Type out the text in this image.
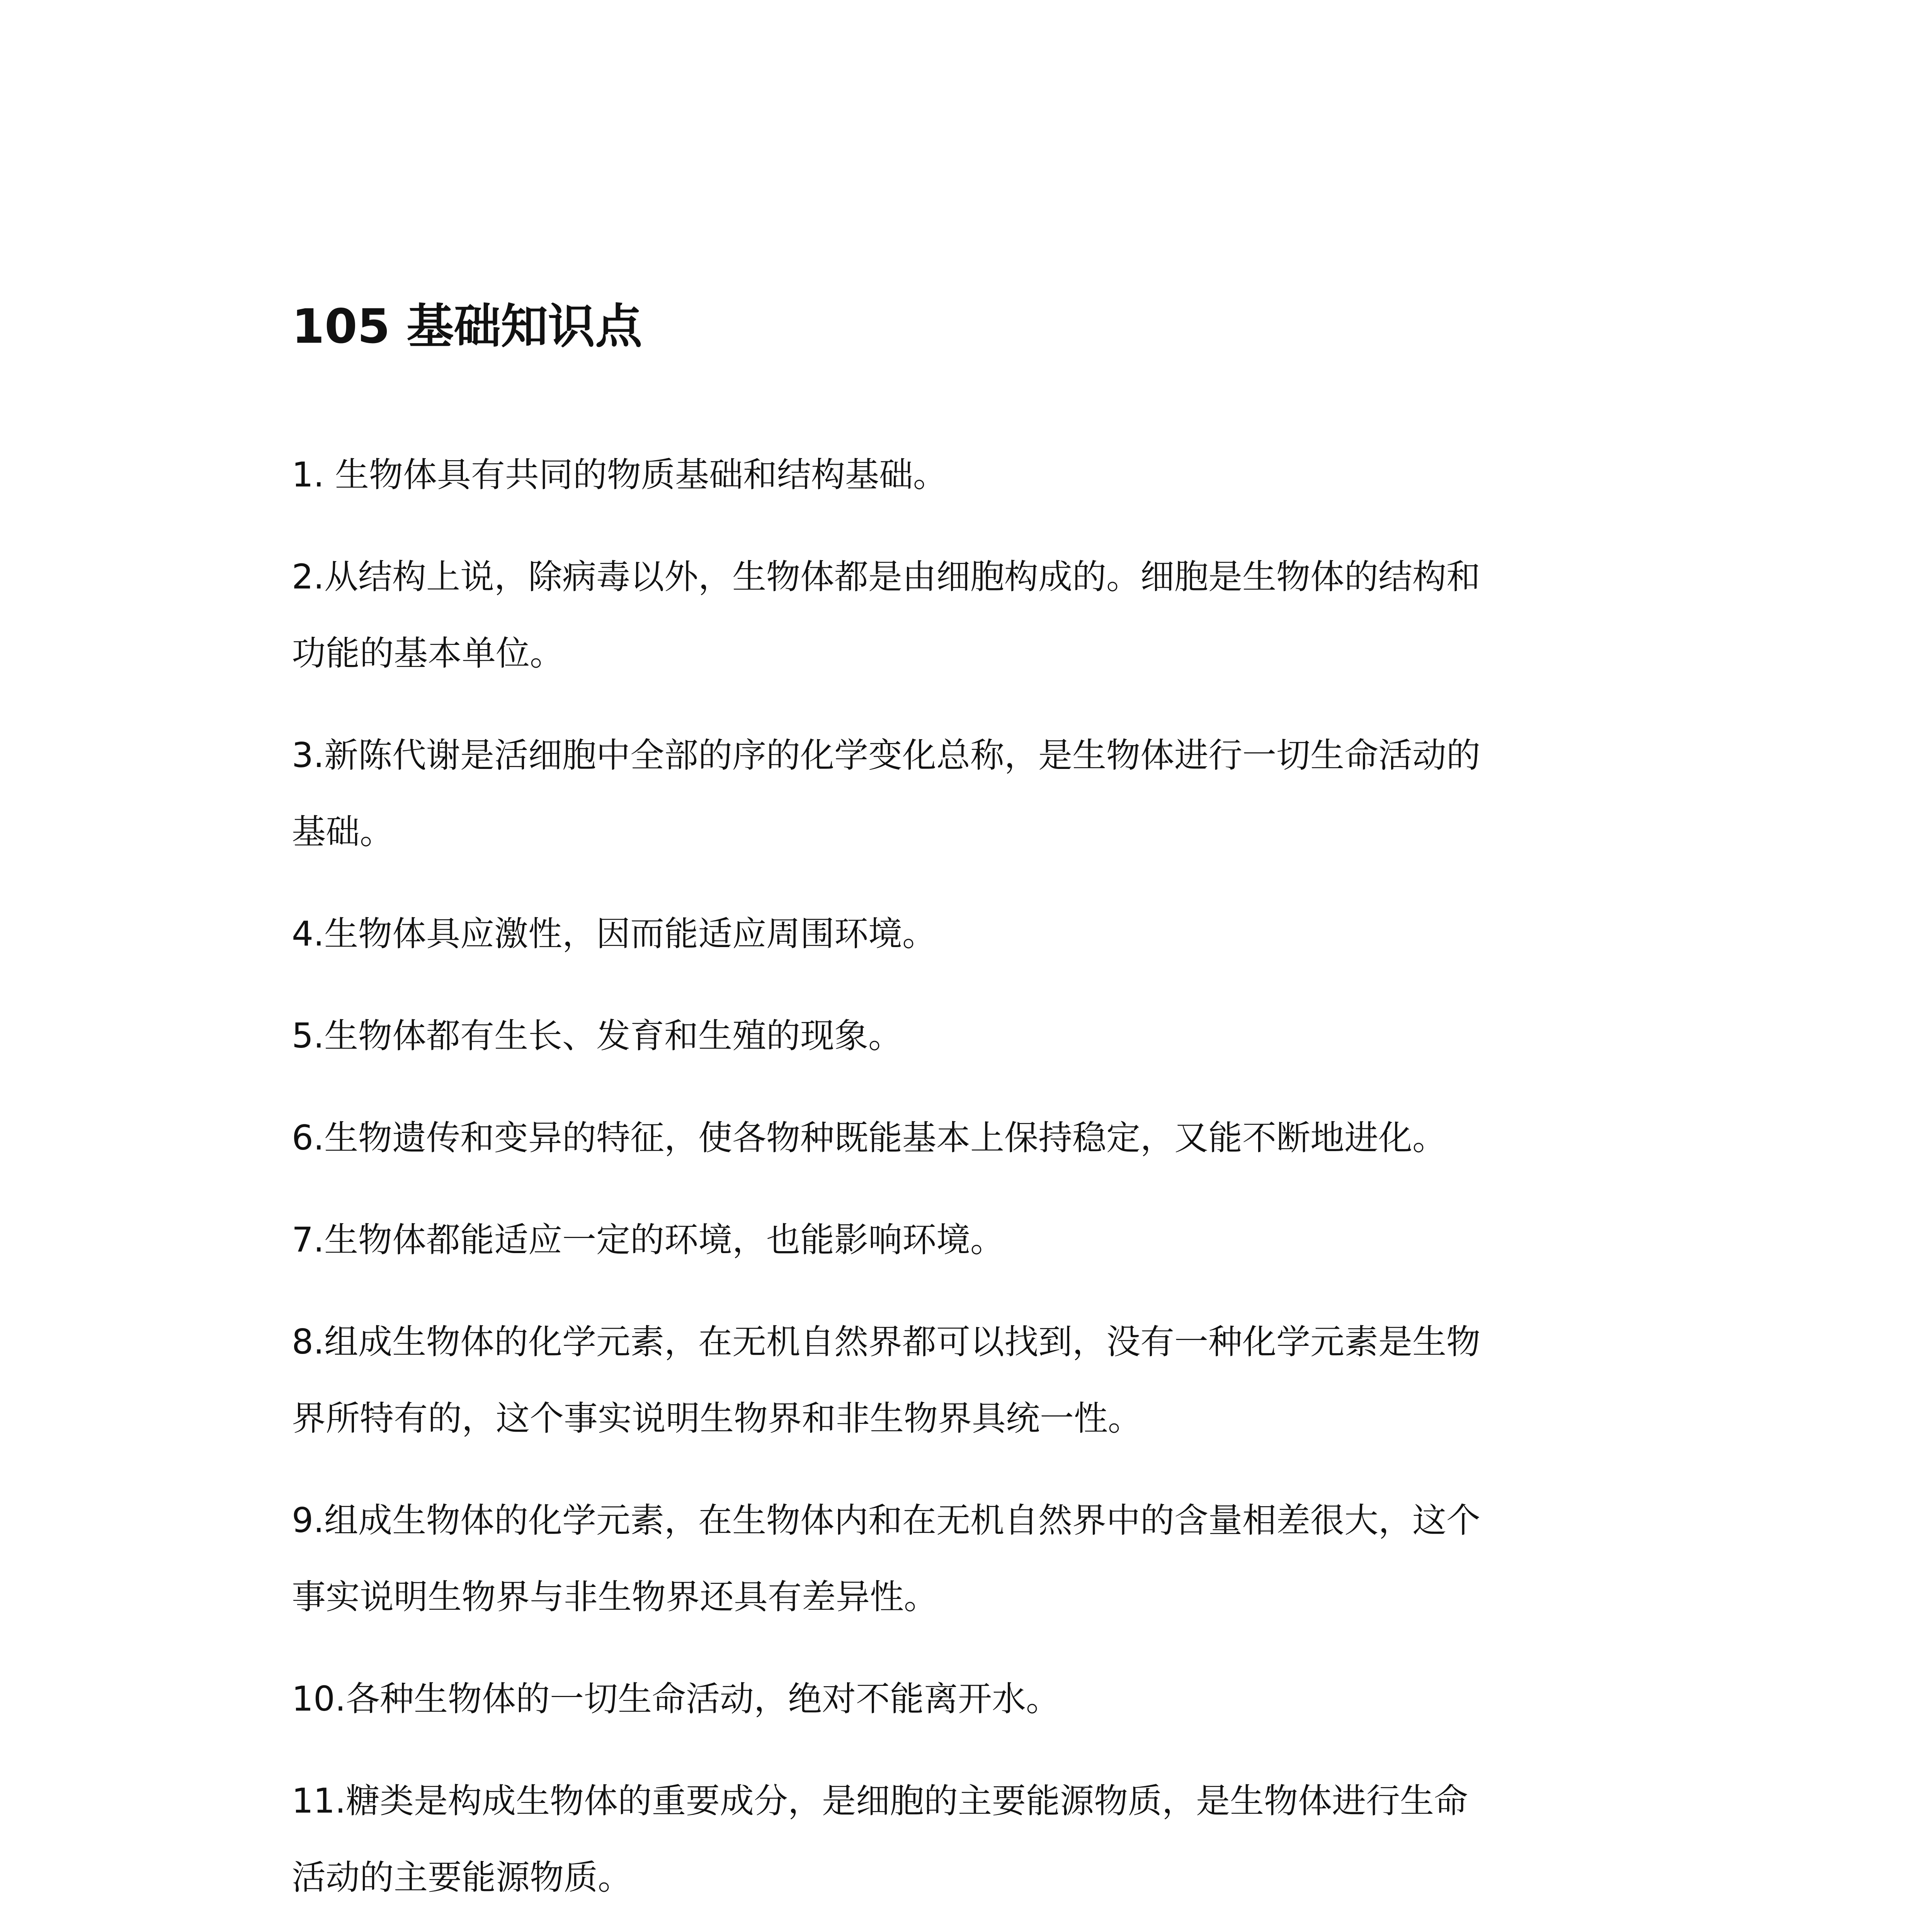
105 基础知识点

1. 生物体具有共同的物质基础和结构基础。

2.从结构上说，除病毒以外，生物体都是由细胞构成的。细胞是生物体的结构和
功能的基本单位。

3.新陈代谢是活细胞中全部的序的化学变化总称，是生物体进行一切生命活动的
基础。

4.生物体具应激性，因而能适应周围环境。

5.生物体都有生长、发育和生殖的现象。

6.生物遗传和变异的特征，使各物种既能基本上保持稳定，又能不断地进化。

7.生物体都能适应一定的环境，也能影响环境。

8.组成生物体的化学元素，在无机自然界都可以找到，没有一种化学元素是生物
界所特有的，这个事实说明生物界和非生物界具统一性。

9.组成生物体的化学元素，在生物体内和在无机自然界中的含量相差很大，这个
事实说明生物界与非生物界还具有差异性。

10.各种生物体的一切生命活动，绝对不能离开水。

11.糖类是构成生物体的重要成分，是细胞的主要能源物质，是生物体进行生命
活动的主要能源物质。
